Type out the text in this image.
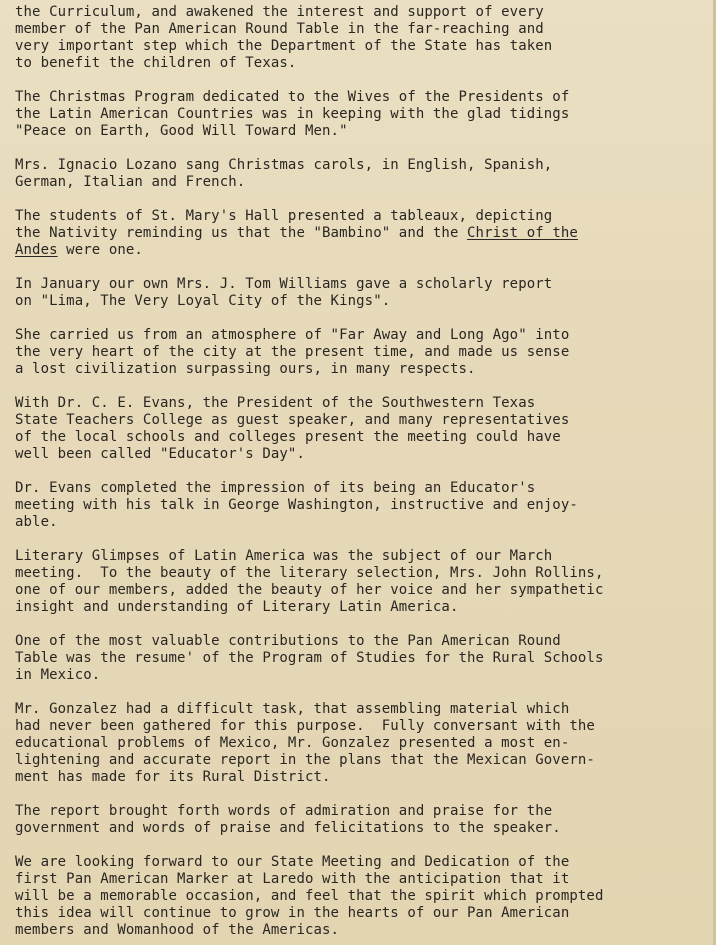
the Curriculum, and awakened the interest and support of every
member of the Pan American Round Table in the far-reaching and
very important step which the Department of the State has taken
to benefit the children of Texas.

The Christmas Program dedicated to the Wives of the Presidents of
the Latin American Countries was in keeping with the glad tidings
"Peace on Earth, Good Will Toward Men."

Mrs. Ignacio Lozano sang Christmas carols, in English, Spanish,
German, Italian and French.

The students of St. Mary's Hall presented a tableaux, depicting
the Nativity reminding us that the "Bambino" and the Christ of the
Andes were one.

In January our own Mrs. J. Tom Williams gave a scholarly report
on "Lima, The Very Loyal City of the Kings".

She carried us from an atmosphere of "Far Away and Long Ago" into
the very heart of the city at the present time, and made us sense
a lost civilization surpassing ours, in many respects.

With Dr. C. E. Evans, the President of the Southwestern Texas
State Teachers College as guest speaker, and many representatives
of the local schools and colleges present the meeting could have
well been called "Educator's Day".

Dr. Evans completed the impression of its being an Educator's
meeting with his talk in George Washington, instructive and enjoy-
able.

Literary Glimpses of Latin America was the subject of our March
meeting.  To the beauty of the literary selection, Mrs. John Rollins,
one of our members, added the beauty of her voice and her sympathetic
insight and understanding of Literary Latin America.

One of the most valuable contributions to the Pan American Round
Table was the resume' of the Program of Studies for the Rural Schools
in Mexico.

Mr. Gonzalez had a difficult task, that assembling material which
had never been gathered for this purpose.  Fully conversant with the
educational problems of Mexico, Mr. Gonzalez presented a most en-
lightening and accurate report in the plans that the Mexican Govern-
ment has made for its Rural District.

The report brought forth words of admiration and praise for the
government and words of praise and felicitations to the speaker.

We are looking forward to our State Meeting and Dedication of the
first Pan American Marker at Laredo with the anticipation that it
will be a memorable occasion, and feel that the spirit which prompted
this idea will continue to grow in the hearts of our Pan American
members and Womanhood of the Americas.
